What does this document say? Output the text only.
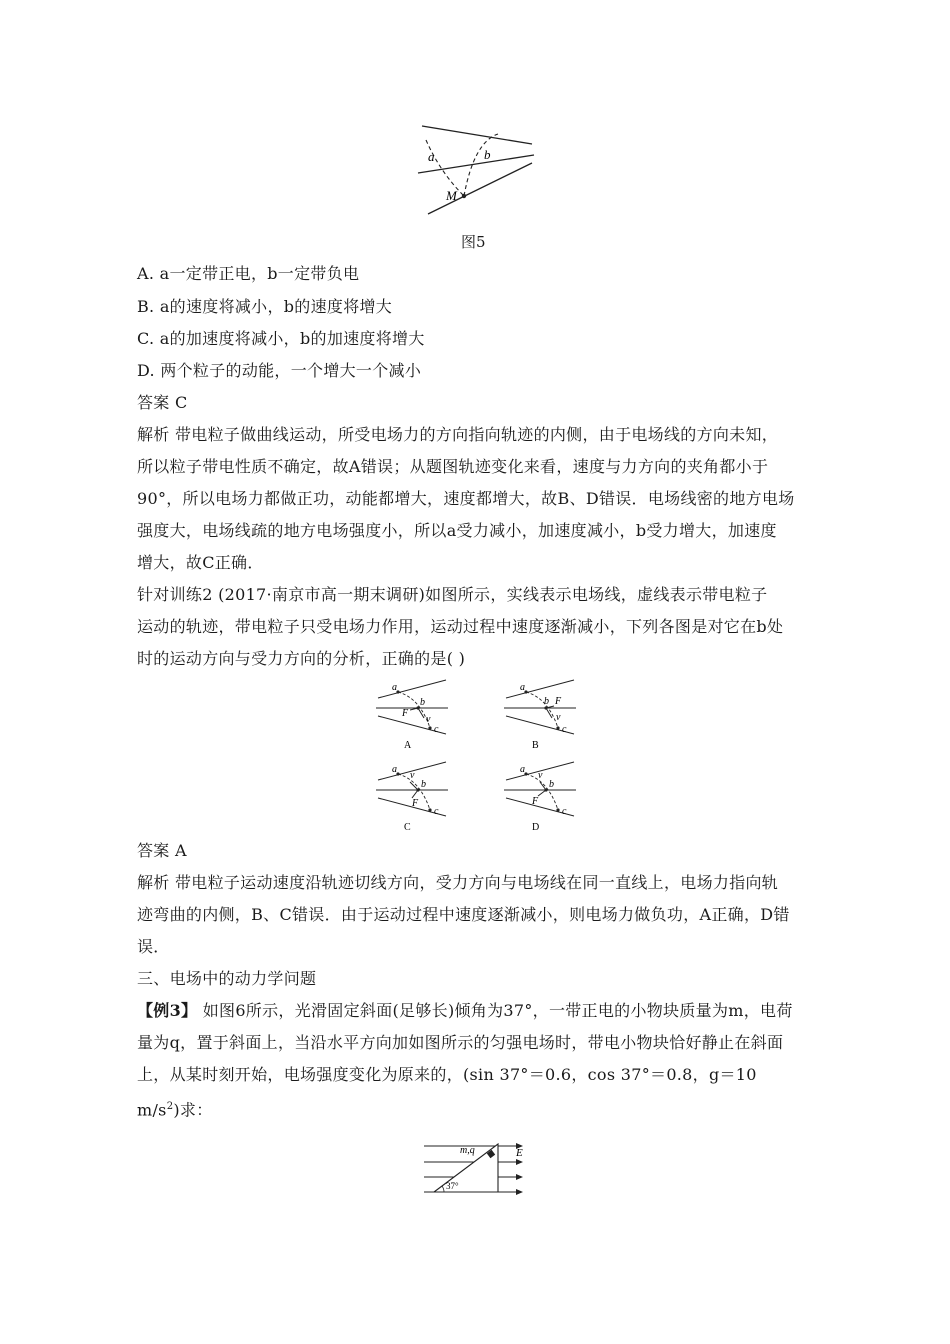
a	b
M
图5
A. a一定带正电，b一定带负电
B. a的速度将减小，b的速度将增大
C. a的加速度将减小，b的加速度将增大
D. 两个粒子的动能，一个增大一个减小
答案 C
解析 带电粒子做曲线运动，所受电场力的方向指向轨迹的内侧，由于电场线的方向未知，
所以粒子带电性质不确定，故A错误；从题图轨迹变化来看，速度与力方向的夹角都小于
90°，所以电场力都做正功，动能都增大，速度都增大，故B、D错误．电场线密的地方电场
强度大，电场线疏的地方电场强度小，所以a受力减小，加速度减小，b受力增大，加速度
增大，故C正确．
针对训练2 (2017·南京市高一期末调研)如图所示，实线表示电场线，虚线表示带电粒子
运动的轨迹，带电粒子只受电场力作用，运动过程中速度逐渐减小，下列各图是对它在b处
时的运动方向与受力方向的分析，正确的是( )
a
F
b
v
c
A
a
b F
v
c
B
a
v
b
F
c
C
a
v
b
F
c
D
答案 A
解析 带电粒子运动速度沿轨迹切线方向，受力方向与电场线在同一直线上，电场力指向轨
迹弯曲的内侧，B、C错误．由于运动过程中速度逐渐减小，则电场力做负功，A正确，D错
误．
三、电场中的动力学问题
【例3】 如图6所示，光滑固定斜面(足够长)倾角为37°，一带正电的小物块质量为m，电荷
量为q，置于斜面上，当沿水平方向加如图所示的匀强电场时，带电小物块恰好静止在斜面
上，从某时刻开始，电场强度变化为原来的，(sin 37°＝0.6，cos 37°＝0.8，g＝10
$m/s^2$)求：
m,q	E
37°
